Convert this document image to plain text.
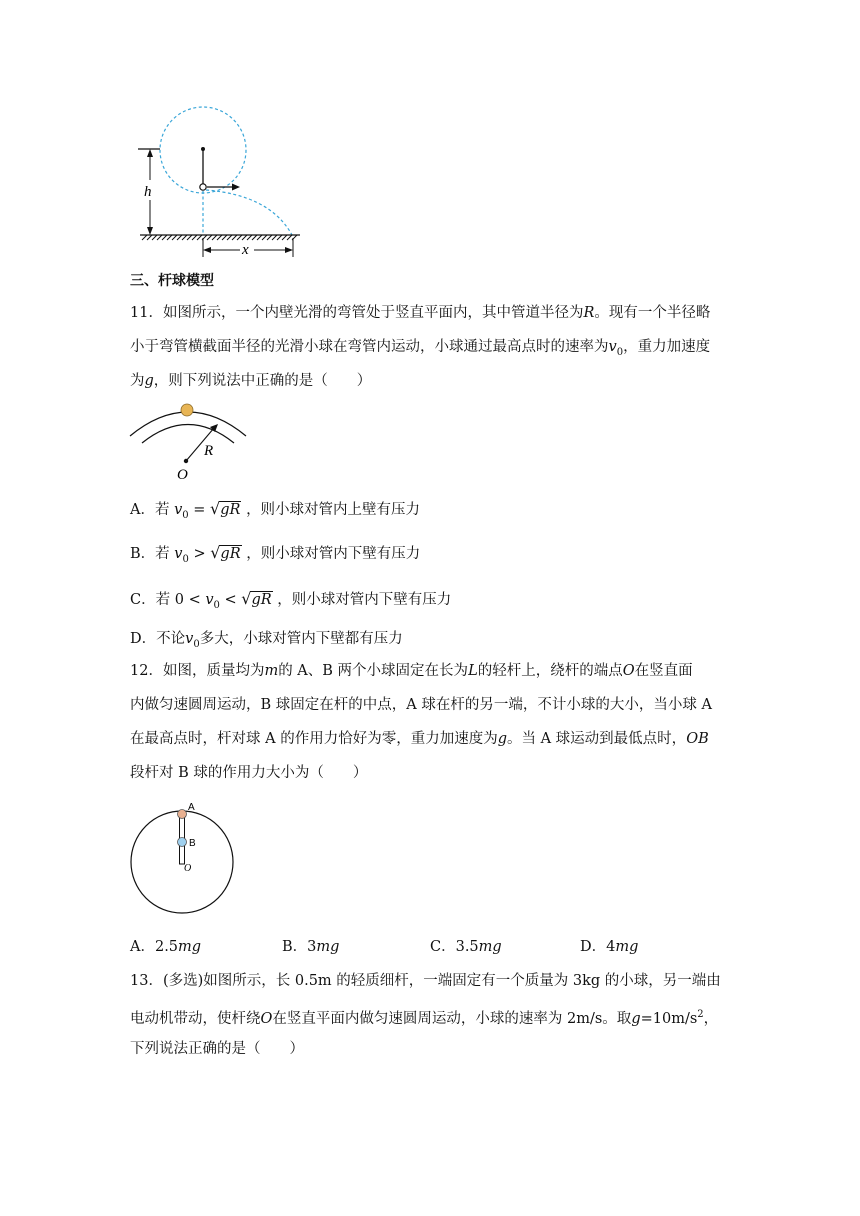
h
x
三、杆球模型
11．如图所示，一个内壁光滑的弯管处于竖直平面内，其中管道半径为R。现有一个半径略
小于弯管横截面半径的光滑小球在弯管内运动，小球通过最高点时的速率为$v_0$，重力加速度
为g，则下列说法中正确的是（　　）
R
O
A．若 $v_0 = √gR$ ，则小球对管内上壁有压力
B．若 $v_0 > √gR$ ，则小球对管内下壁有压力
C．若 $0 < v_0 < √gR$ ，则小球对管内下壁有压力
D．不论$v_0$多大，小球对管内下壁都有压力
12．如图，质量均为m的 A、B 两个小球固定在长为L的轻杆上，绕杆的端点O在竖直面
内做匀速圆周运动，B 球固定在杆的中点，A 球在杆的另一端，不计小球的大小，当小球 A
在最高点时，杆对球 A 的作用力恰好为零，重力加速度为g。当 A 球运动到最低点时，OB
段杆对 B 球的作用力大小为（　　）
A
B
O
A．2.5mg	B．3mg	C．3.5mg	D．4mg
13．(多选)如图所示，长 0.5m 的轻质细杆，一端固定有一个质量为 3kg 的小球，另一端由
电动机带动，使杆绕O在竖直平面内做匀速圆周运动，小球的速率为 2m/s。取$g=10m/s^2$，
下列说法正确的是（　　）
